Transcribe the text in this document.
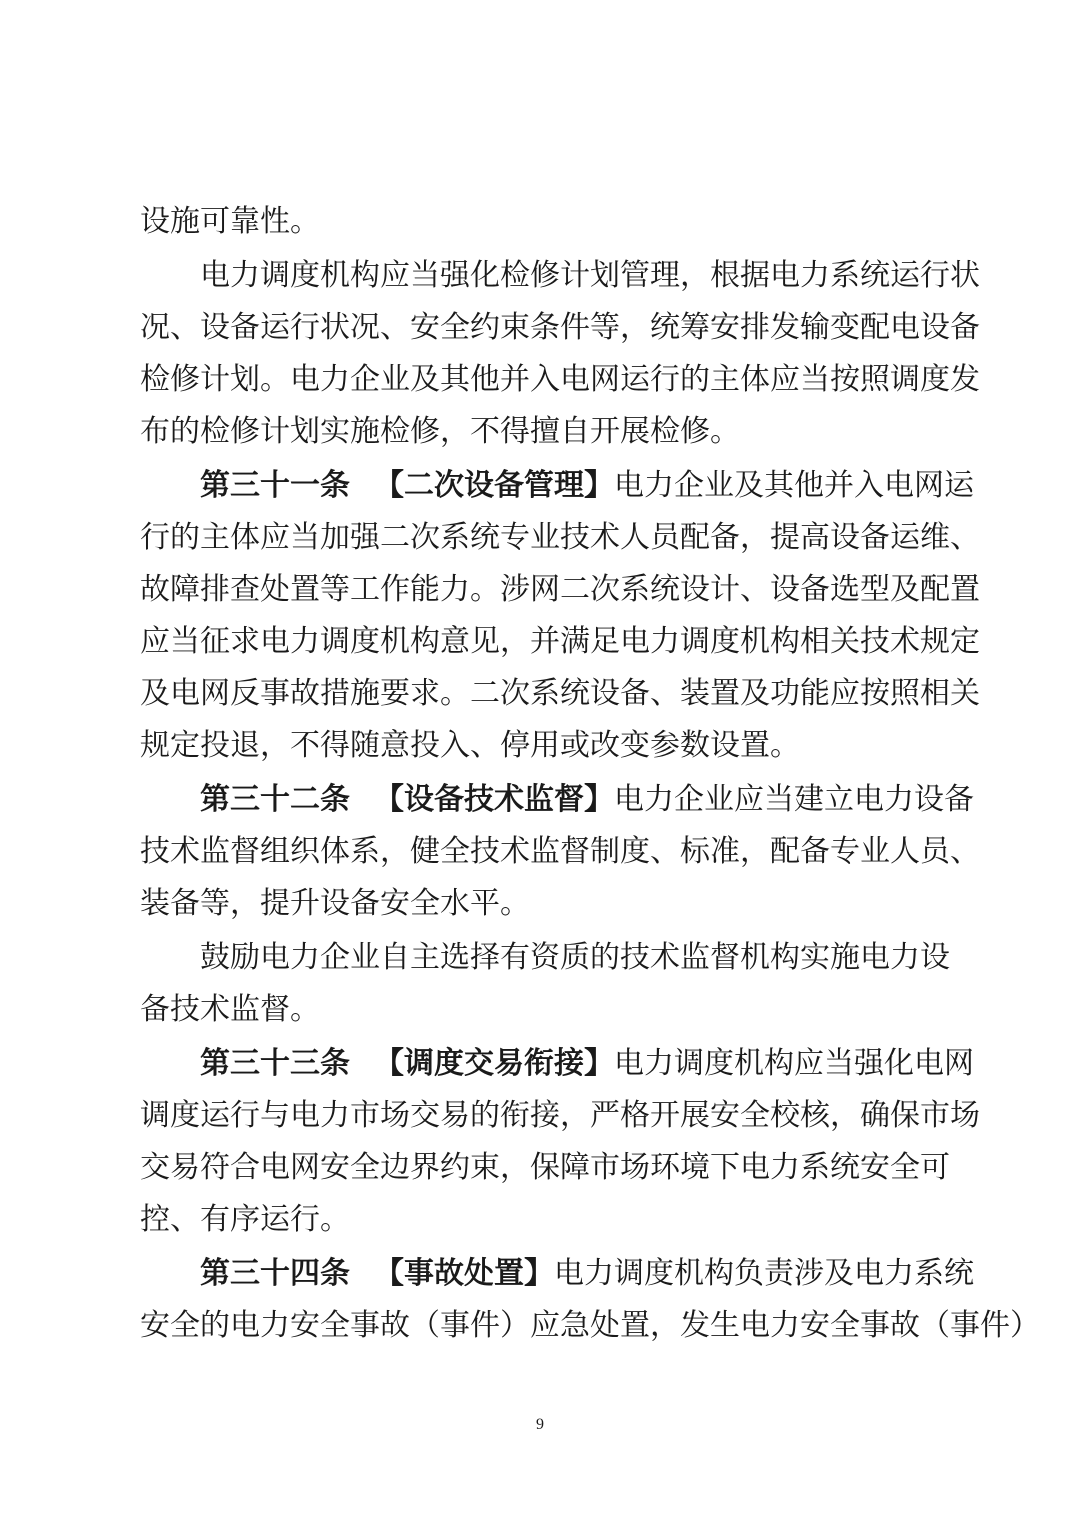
设施可靠性。
电力调度机构应当强化检修计划管理，根据电力系统运行状
况、设备运行状况、安全约束条件等，统筹安排发输变配电设备
检修计划。电力企业及其他并入电网运行的主体应当按照调度发
布的检修计划实施检修，不得擅自开展检修。
第三十一条 【二次设备管理】电力企业及其他并入电网运
行的主体应当加强二次系统专业技术人员配备，提高设备运维、
故障排查处置等工作能力。涉网二次系统设计、设备选型及配置
应当征求电力调度机构意见，并满足电力调度机构相关技术规定
及电网反事故措施要求。二次系统设备、装置及功能应按照相关
规定投退，不得随意投入、停用或改变参数设置。
第三十二条 【设备技术监督】电力企业应当建立电力设备
技术监督组织体系，健全技术监督制度、标准，配备专业人员、
装备等，提升设备安全水平。
鼓励电力企业自主选择有资质的技术监督机构实施电力设
备技术监督。
第三十三条 【调度交易衔接】电力调度机构应当强化电网
调度运行与电力市场交易的衔接，严格开展安全校核，确保市场
交易符合电网安全边界约束，保障市场环境下电力系统安全可
控、有序运行。
第三十四条 【事故处置】电力调度机构负责涉及电力系统
安全的电力安全事故（事件）应急处置，发生电力安全事故（事件）
9
